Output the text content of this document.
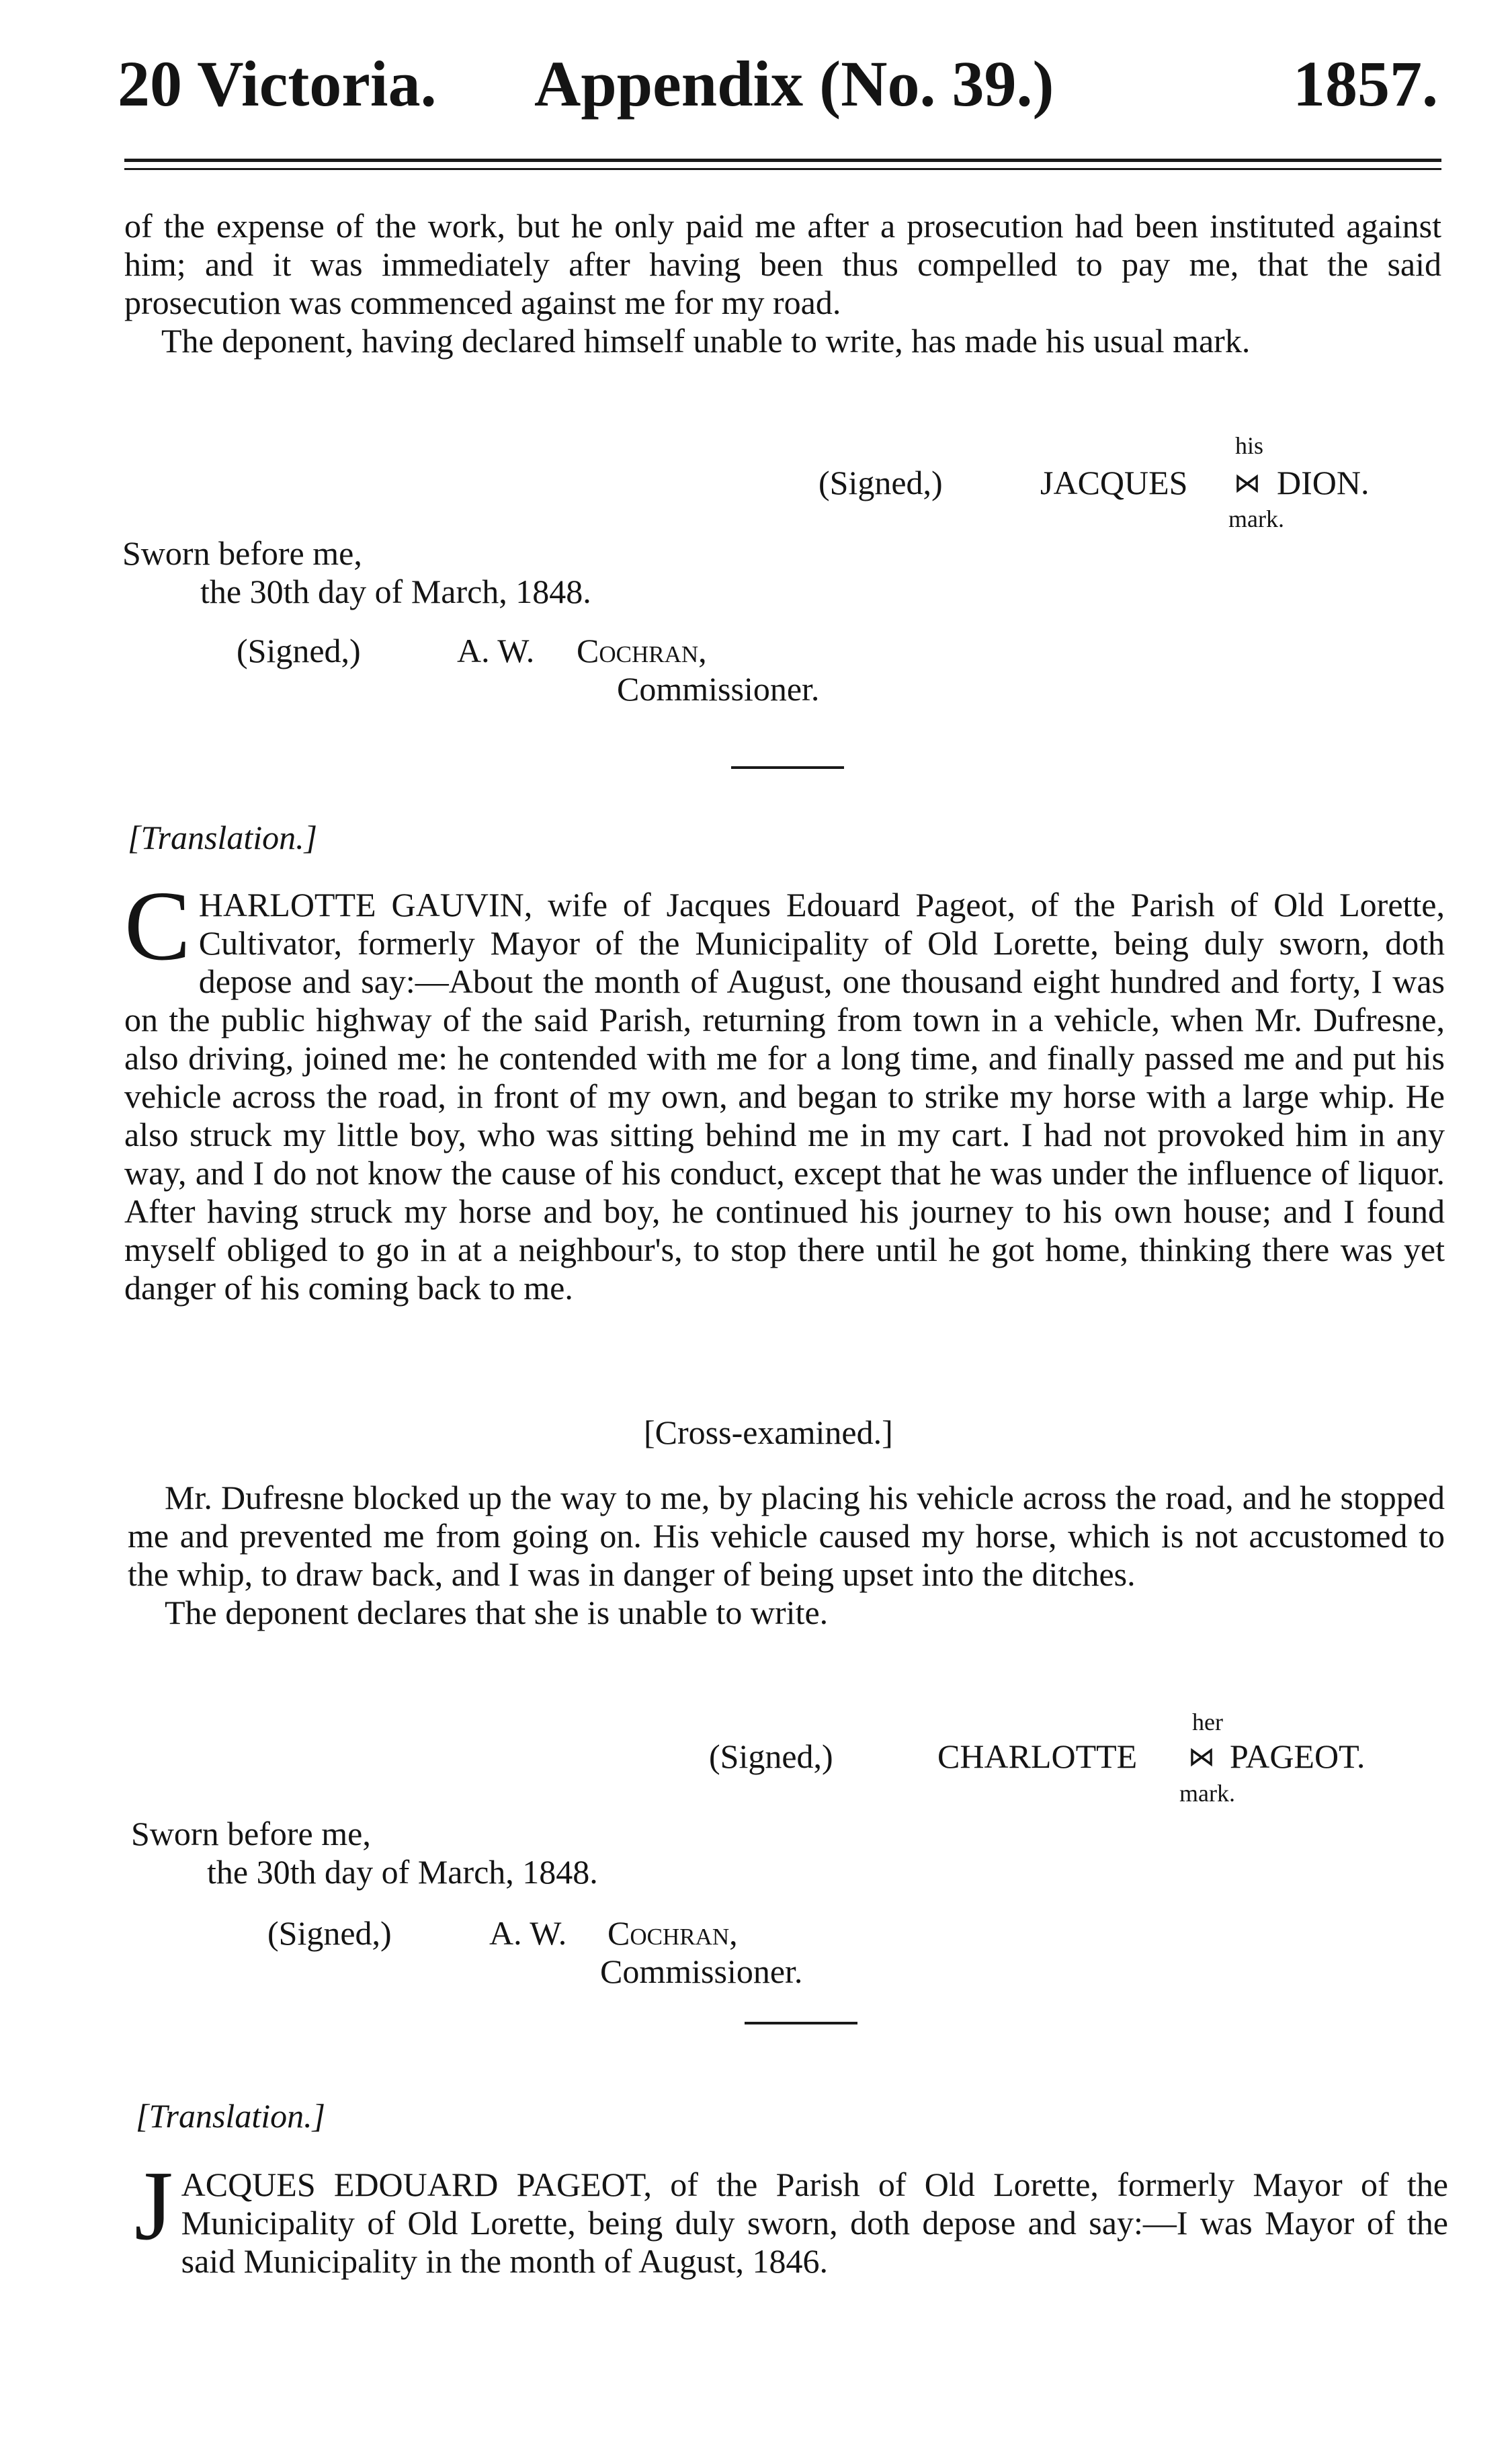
20 Victoria. Appendix (No. 39.)	1857.

of the expense of the work, but he only paid me after a prosecution had been instituted against him; and it was immediately after having been thus compelled to pay me, that the said prosecution was commenced against me for my road.

The deponent, having declared himself unable to write, has made his usual mark.

his
(Signed,)	JACQUES ⋈ DION.
mark.
Sworn before me,
the 30th day of March, 1848.
(Signed,)	A. W. Cochran,
Commissioner.
[Translation.]

CHARLOTTE GAUVIN, wife of Jacques Edouard Pageot, of the Parish of Old Lorette, Cultivator, formerly Mayor of the Municipality of Old Lorette, being duly sworn, doth depose and say:—About the month of August, one thousand eight hundred and forty, I was on the public highway of the said Parish, returning from town in a vehicle, when Mr. Dufresne, also driving, joined me: he contended with me for a long time, and finally passed me and put his vehicle across the road, in front of my own, and began to strike my horse with a large whip. He also struck my little boy, who was sitting behind me in my cart. I had not provoked him in any way, and I do not know the cause of his conduct, except that he was under the influence of liquor. After having struck my horse and boy, he continued his journey to his own house; and I found myself obliged to go in at a neighbour's, to stop there until he got home, thinking there was yet danger of his coming back to me.

[Cross-examined.]

Mr. Dufresne blocked up the way to me, by placing his vehicle across the road, and he stopped me and prevented me from going on. His vehicle caused my horse, which is not accustomed to the whip, to draw back, and I was in danger of being upset into the ditches.

The deponent declares that she is unable to write.

her
(Signed,)	CHARLOTTE ⋈ PAGEOT.
mark.
Sworn before me,
the 30th day of March, 1848.
(Signed,)	A. W. Cochran,
Commissioner.
[Translation.]

JACQUES EDOUARD PAGEOT, of the Parish of Old Lorette, formerly Mayor of the Municipality of Old Lorette, being duly sworn, doth depose and say:—I was Mayor of the said Municipality in the month of August, 1846.
